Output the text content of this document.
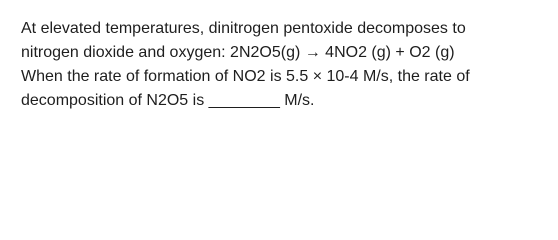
At elevated temperatures, dinitrogen pentoxide decomposes to
nitrogen dioxide and oxygen: 2N2O5(g) → 4NO2 (g) + O2 (g)
When the rate of formation of NO2 is 5.5 × 10-4 M/s, the rate of
decomposition of N2O5 is ________ M/s.
